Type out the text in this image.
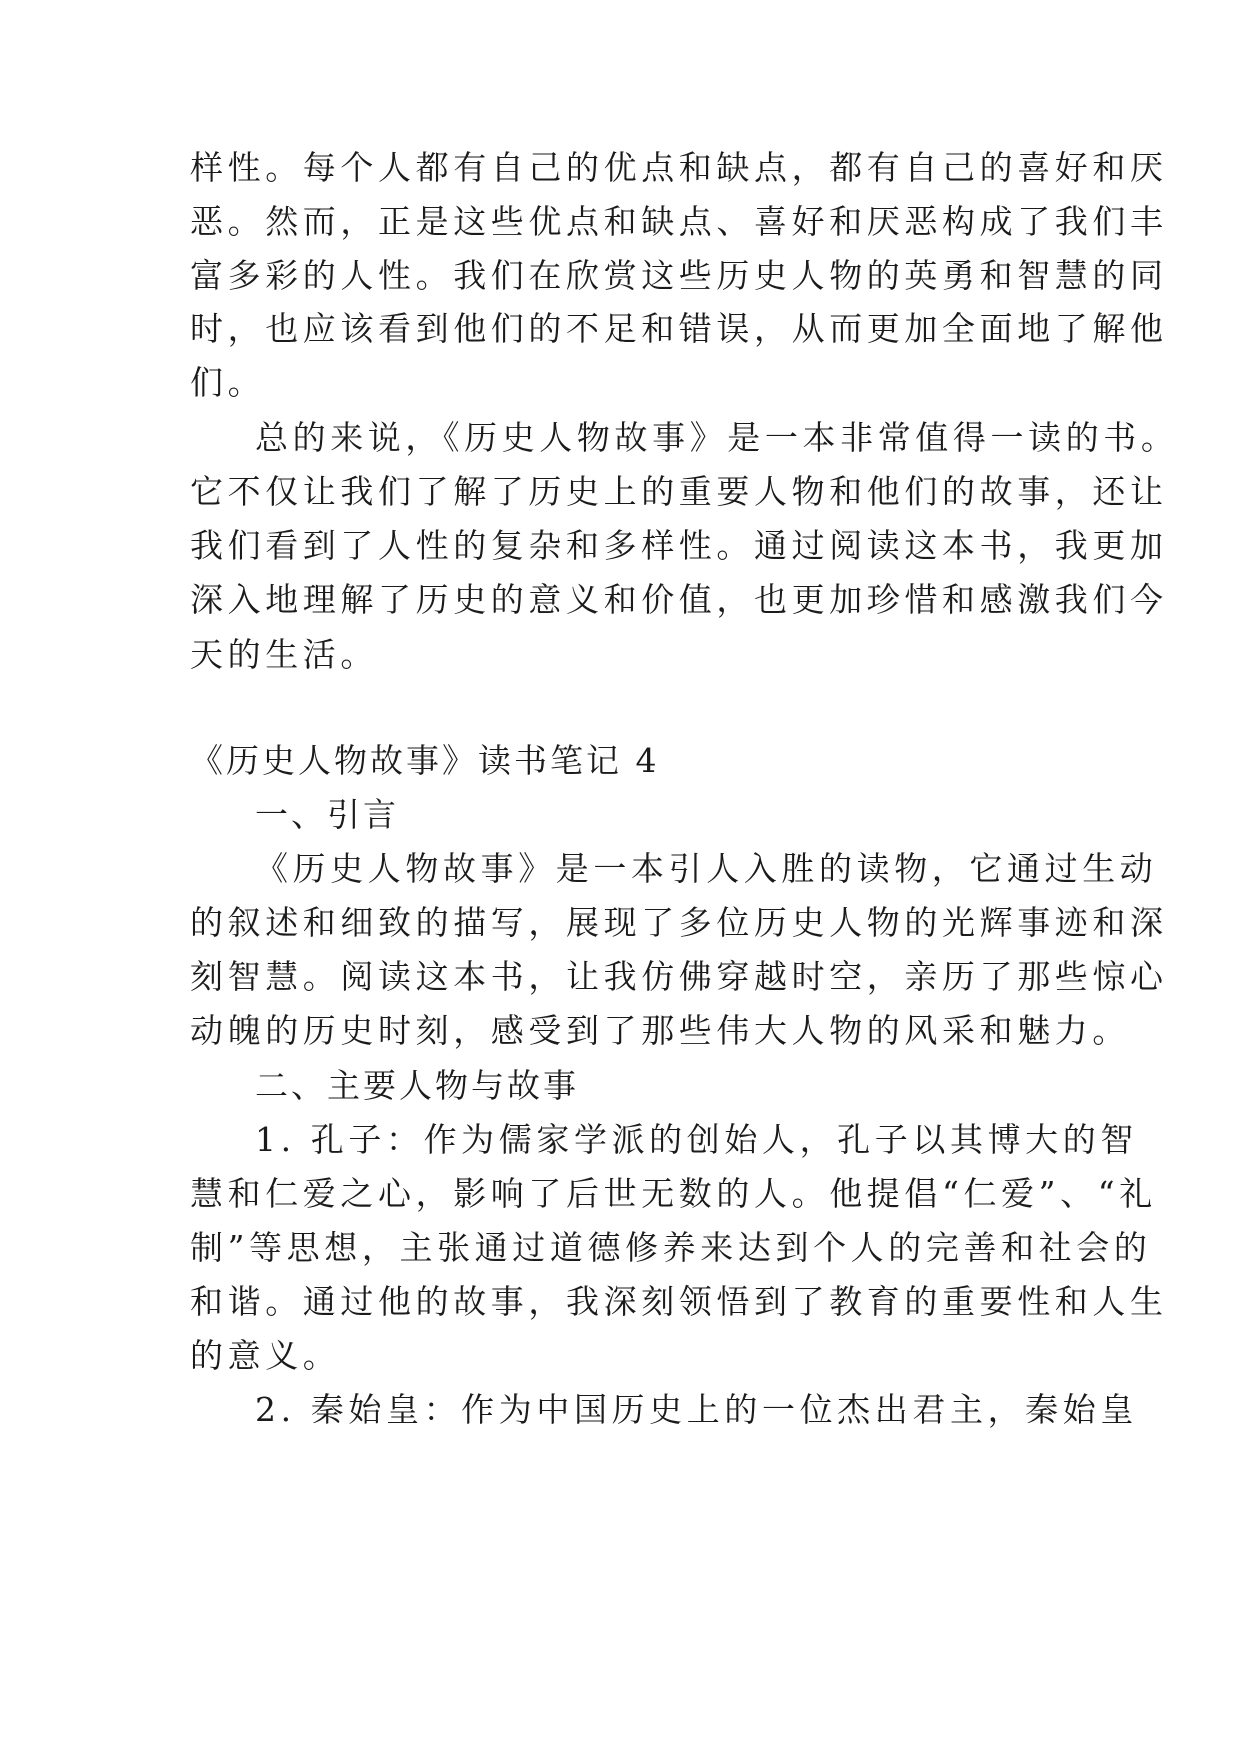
样性。每个人都有自己的优点和缺点，都有自己的喜好和厌
恶。然而，正是这些优点和缺点、喜好和厌恶构成了我们丰
富多彩的人性。我们在欣赏这些历史人物的英勇和智慧的同
时，也应该看到他们的不足和错误，从而更加全面地了解他
们。
总的来说，《历史人物故事》是一本非常值得一读的书。
它不仅让我们了解了历史上的重要人物和他们的故事，还让
我们看到了人性的复杂和多样性。通过阅读这本书，我更加
深入地理解了历史的意义和价值，也更加珍惜和感激我们今
天的生活。
《历史人物故事》读书笔记 4
一、引言
《历史人物故事》是一本引人入胜的读物，它通过生动
的叙述和细致的描写，展现了多位历史人物的光辉事迹和深
刻智慧。阅读这本书，让我仿佛穿越时空，亲历了那些惊心
动魄的历史时刻，感受到了那些伟大人物的风采和魅力。
二、主要人物与故事
1. 孔子：作为儒家学派的创始人，孔子以其博大的智
慧和仁爱之心，影响了后世无数的人。他提倡“仁爱”、“礼
制”等思想，主张通过道德修养来达到个人的完善和社会的
和谐。通过他的故事，我深刻领悟到了教育的重要性和人生
的意义。
2. 秦始皇：作为中国历史上的一位杰出君主，秦始皇
